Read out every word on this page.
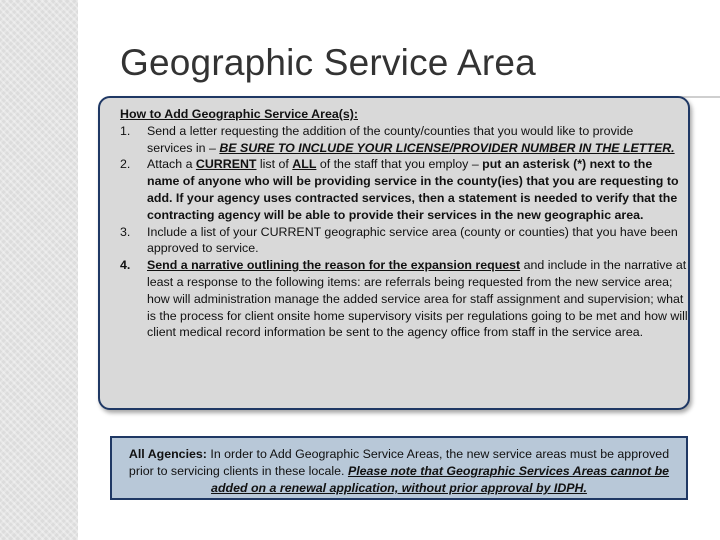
Geographic Service Area
How to Add Geographic Service Area(s):
1.	Send a letter requesting the addition of the county/counties that you would like to provide
services in – BE SURE TO INCLUDE YOUR LICENSE/PROVIDER NUMBER IN THE LETTER.
2.	Attach a CURRENT list of ALL of the staff that you employ – put an asterisk (*) next to the name of anyone who will be providing service in the county(ies) that you are requesting to add. If your agency uses contracted services, then a statement is needed to verify that the contracting agency will be able to provide their services in the new geographic area.
3.	Include a list of your CURRENT geographic service area (county or counties) that you have been approved to service.
4.	Send a narrative outlining the reason for the expansion request and include in the narrative at least a response to the following items: are referrals being requested from the new service area; how will administration manage the added service area for staff assignment and supervision; what is the process for client onsite home supervisory visits per regulations going to be met and how will client medical record information be sent to the agency office from staff in the service area.
All Agencies: In order to Add Geographic Service Areas, the new service areas must be approved prior to servicing clients in these locale. Please note that Geographic Services Areas cannot be added on a renewal application, without prior approval by IDPH.
